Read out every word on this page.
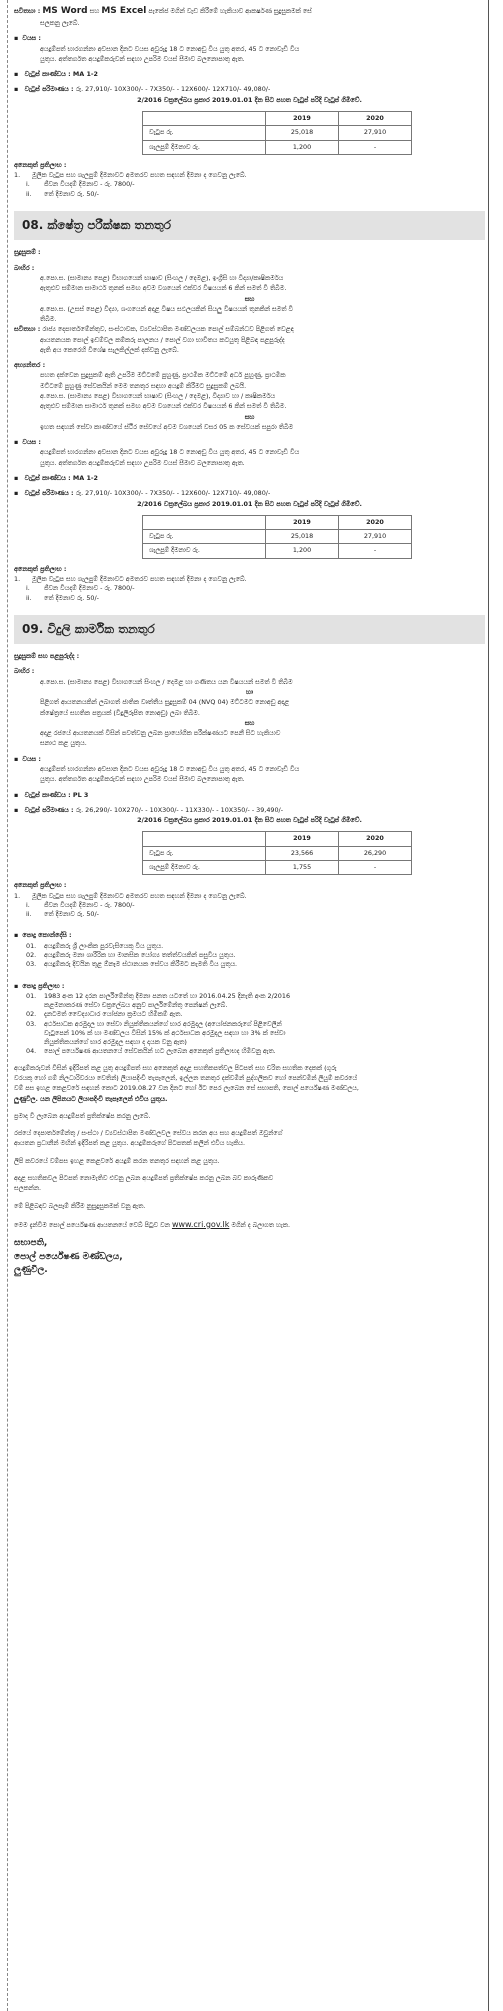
සවිතහා : MS Word සහ MS Excel පැකේජ මගින් වැඩ කිරීමේ හැකියාව ආකර්ෂණ සුදුසුකමක් සේ
සලකනු ලැබේ.
▪ වයස :
අයදුම්පත් භාරගන්නා අවසාන දිනට වයස අවුරුදු 18 ට නොඅඩු විය යුතු අතර, 45 ට නොවැඩි විය
යුතුය. අත්තර්ගත අයදුම්කරුවන් සඳහා උපරිම වයස් සීමාව බලනොපාතු ඇත.
▪ වැටුප් කාණ්ඩය : MA 1-2
▪ වැටුප් පරිමාණය : රු. 27,910/- 10X300/- - 7X350/- - 12X600/- 12X710/- 49,080/-
2/2016 වක්‍රලේඛය ප්‍රකාර 2019.01.01 දින සිට පහත වැටුප් පරිදි වැටුප් ගිමිවේ.
	2019	2020
වැටුප රු.	25,018	27,910
ශැලපුම් දීමනාව රු.	1,200	-
අනෙකුත් ප්‍රතිලාභ :
1.	මූලික වැටුප සහ ශැලපුම් දීමනාවට අමතරව පහත සඳහන් දීමනා ද ගෙවනු ලැබේ.
i.	ජීවන වියදම් දීමනාව - රු. 7800/-
ii.	තේ දීමනාව රු. 50/-
08. ක්ෂේත්‍ර පරීක්ෂක තනතුර
සුදුසුකම් :
බාහිර :
අ.පො.ස. (සාමාන්‍ය පෙළ) විභාගයෙන් භාෂාව (සිංහල / දෙමළ), ඉංග්‍රීසි හා විද්‍යා/කෘෂිකර්මය
ඇතුළුව සම්මාන සාමාර්ථ තුනක් සමඟ අවම වශයෙන් එක්වර විෂයයන් 6 කින් සමත් වී තිබීම.
සහ
අ.පො.ස. (උසස් පෙළ) විද්‍යා, ශංගයෙන් අදාළ විෂය සඵලයකින් සියලු විෂයයන් තුනකින් සමත් වී
තිබීම.
සවිතහා : රාජ්‍ය දෙපාර්තමේන්තුව, සංස්ථාවක, ව්‍යවස්ථාපිත මණ්ඩලයක පොල් සම්බන්ධව පිළිගත් වෙළඳ
ආයතනයක පොල් ඉඩම්වල කම්කරු පාලනය / පොල් වගා භාවිතය කටයුතු පිළිබඳ පළපුරුද්ද
ඇති අය කෙරෙහි විශේෂ සැලකිල්ලක් දක්වනු ලැබේ.
අභ්‍යන්තර :
පහත දක්වෙන සුදුසුකම් ඇති උපරිම මට්ටමේ පුහුණු, ප්‍රාථමික මට්ටමේ අර්ධ පුහුණු, ප්‍රාථමික
මට්ටමේ පුහුණු සේවකයින් මෙම තනතුර සඳහා අයදුම් කිරීමට සුදුසුකම් ලබයි.
අ.පො.ස. (සාමාන්‍ය පෙළ) විභාගයෙන් භාෂාව (සිංහල / දෙමළ), විද්‍යාව හා / කෘෂිකර්මය
ඇතුළුව සම්මාන සාමාර්ථ තුනක් සමඟ අවම වශයෙන් එක්වර විෂයයන් 6 කින් සමත් වී තිබීම.
සහ
ඉහත සඳහන් සේවා කාණ්ඩයේ ස්ථිර සේවයේ අවම වශයෙන් වසර 05 ක සේවයක් සපුරා තිබීම
▪ වයස :
අයදුම්පත් භාරගන්නා අවසාන දිනට වයස අවුරුදු 18 ට නොඅඩු විය යුතු අතර, 45 ට නොවැඩි විය
යුතුය. අත්තර්ගත අයදුම්කරුවන් සඳහා උපරිම වයස් සීමාව බලනොපාතු ඇත.
▪ වැටුප් කාණ්ඩය : MA 1-2
▪ වැටුප් පරිමාණය : රු. 27,910/- 10X300/- - 7X350/- - 12X600/- 12X710/- 49,080/-
2/2016 වක්‍රලේඛය ප්‍රකාර 2019.01.01 දින සිට පහත වැටුප් පරිදි වැටුප් ගිමිවේ.
	2019	2020
වැටුප රු.	25,018	27,910
ශැලපුම් දීමනාව රු.	1,200	-
අනෙකුත් ප්‍රතිලාභ :
1.	මූලික වැටුප සහ ශැලපුම් දීමනාවට අමතරව පහත සඳහන් දීමනා ද ගෙවනු ලැබේ.
i.	ජීවන වියදම් දීමනාව - රු. 7800/-
ii.	තේ දීමනාව රු. 50/-
09. විදුලි කාර්මික තනතුර
සුදුසුකම් සහ පළපුරුද්ද :
බාහිර :
අ.පො.ස. (සාමාන්‍ය පෙළ) විභාගයෙන් සිංහල / දෙමළ හා ගණිතය යන විෂයයන් සමත් වී තිබීම
හා
පිළිගත් ආයතනයකින් ලබාගත් ජාතික වෘත්තීය සුදුසුකම් 04 (NVQ 04) මට්ටමට නොඅඩු අදාළ
ක්ෂේත්‍රයේ සහතික පත්‍රයක් (විදුලිරූපිත නොඅඩු) ලබා තිබීම.
සහ
අදාළ රජයේ ආයතනයක් විසින් පවත්වනු ලබන ප්‍රායෝගික පරීක්ෂණයට පෙනී සිට හැකියාව
සනාථ කළ යුතුය.
▪ වයස :
අයදුම්පත් භාරගන්නා අවසාන දිනට වයස අවුරුදු 18 ට නොඅඩු විය යුතු අතර, 45 ට නොවැඩි විය
යුතුය. අත්තර්ගත අයදුම්කරුවන් සඳහා උපරිම වයස් සීමාව බලනොපාතු ඇත.
▪ වැටුප් කාණ්ඩය : PL 3
▪ වැටුප් පරිමාණය : රු. 26,290/- 10X270/- - 10X300/- - 11X330/- - 10X350/- - 39,490/-
2/2016 වක්‍රලේඛය ප්‍රකාර 2019.01.01 දින සිට පහත වැටුප් පරිදි වැටුප් ගිමිවේ.
	2019	2020
වැටුප රු.	23,566	26,290
ශැලපුම් දීමනාව රු.	1,755	-
අනෙකුත් ප්‍රතිලාභ :
1.	මූලික වැටුප සහ ශැලපුම් දීමනාවට අමතරව පහත සඳහන් දීමනා ද ගෙවනු ලැබේ.
i.	ජීවන වියදම් දීමනාව - රු. 7800/-
ii.	තේ දීමනාව රු. 50/-
▪ පොදු කොන්දේසි :
01.	අයදුම්කරු ශ්‍රී ලාංකික පුරවැසියෙකු විය යුතුය.
02.	අයදුම්කරු මනා ශාරීරික හා මානසික යෝග්‍ය තත්ත්වයකින් පසුවිය යුතුය.
03.	අයදුම්කරු දිවයින තුළ ඕනෑම ස්ථානයක සේවය කිරීමට කැමති විය යුතුය.
▪ පොදු ප්‍රතිලාභ :
01.	1983 අංක 12 දරන පාර්ලිමේන්තු දීමනා පනත යටතේ හා 2016.04.25 දිනැති අංක 2/2016
කළමනාකරණ සේවා චක්‍රලේඛය අනුව පාර්ලිමේන්තු පෙන්ෂන් ලැබේ.
02.	දැනටමත් වෛද්‍යාධාර යෝජනා ක්‍රමයට හිමිකම් ඇත.
03.	අර්ථසාධක අරමුදල හා සේවා නියුක්තිකයන්ගේ භාර අරමුදල (අයෝජනකරුගේ පිළිවෙලින්
වැටුපෙන් 10% ක් හා මණ්ඩලය විසින් 15% ක් අර්ථසාධක අරමුදල සඳහා හා 3% ක් සේවා
නියුක්තිකයන්ගේ භාර අරමුදල සඳහා ද දායක වනු ඇත)
04.	පොල් පර්යේෂණ ආයතනයේ සේවකයින් හට ලැබෙන අනෙකුත් ප්‍රතිලාභද හිමිවනු ඇත.
අයදුම්කරුවන් විසින් ඉදිරිපත් කළ යුතු අයදුම්පත් සහ අනෙකුත් අදාළ සහතිකපත්වල පිටපත් සහ චරිත සහතික දෙකක් (ගුරු
වරයකු හෝ ගම් නිලධාරිවරයා වෙතින්) ලියාපදිංචි තැපෑලෙන්, ඉල්ලන තනතුර දක්වමින් පුද්ගලිකව හෝ පෙන්වමින් ලියුම් කවරයේ
වම් පස ඉහළ කෙළවරේ සඳහන් කොට 2019.08.27 වන දිනට හෝ ඊට පෙර ලැබෙන සේ සභාපති, පොල් පර්යේෂණ මණ්ඩලය,
ලුණුවිල. යන ලිපිනයට ලියාපදිංචි තැපෑලෙන් එවිය යුතුය.
ප්‍රමාද වී ලැබෙන අයදුම්පත් ප්‍රතික්ෂේප කරනු ලැබේ.
රජයේ දෙපාර්තමේන්තු / සංස්ථා / ව්‍යවස්ථාපිත මණ්ඩලවල සේවය කරන අය සහ අයදුම්පත් ඔවුන්ගේ
ආයතන ප්‍රධානීන් මඟින් ඉදිරිපත් කළ යුතුය. අයදුම්කරුගේ පිටපතක් කලින් එවිය හැකිය.
ලිපි කවරයේ වම්පස ඉහළ කෙළවරේ අයදුම් කරන තනතුර සඳහන් කළ යුතුය.
අදාළ සහතිකවල පිටපත් නොමැතිව එවනු ලබන අයදුම්පත් ප්‍රතික්ෂේප කරනු ලබන බව කාරුණිකව
සලකන්න.
මේ පිළිබඳව බලපෑම් කිරීම නුසුදුසුකමක් වනු ඇත.
මෙම දැන්වීම පොල් පර්යේෂණ ආයතනයේ වෙබ් පිටුව වන www.cri.gov.lk මගින් ද බලාගත හැක.
සභාපති,
පොල් පර්යේෂණ මණ්ඩලය,
ලුණුවිල.
